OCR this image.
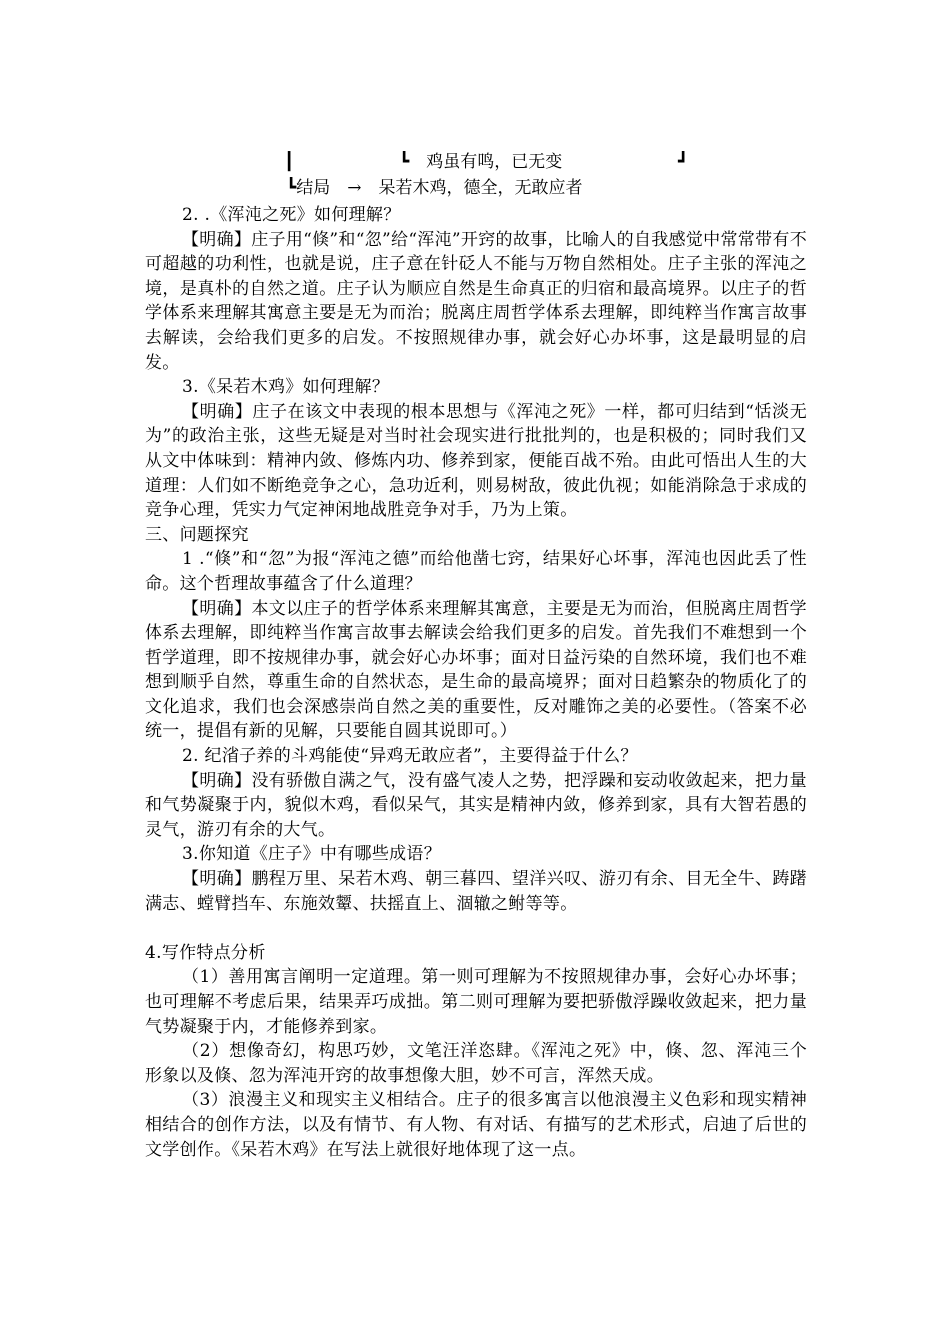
┃	┗　鸡虽有鸣，已无变	┛
┗结局　→　呆若木鸡，德全，无敢应者

2. .《浑沌之死》如何理解？

【明确】庄子用“倏”和“忽”给“浑沌”开窍的故事，比喻人的自我感觉中常常带有不可超越的功利性，也就是说，庄子意在针砭人不能与万物自然相处。庄子主张的浑沌之境，是真朴的自然之道。庄子认为顺应自然是生命真正的归宿和最高境界。以庄子的哲学体系来理解其寓意主要是无为而治；脱离庄周哲学体系去理解，即纯粹当作寓言故事去解读，会给我们更多的启发。不按照规律办事，就会好心办坏事，这是最明显的启发。

3.《呆若木鸡》如何理解？

【明确】庄子在该文中表现的根本思想与《浑沌之死》一样，都可归结到“恬淡无为”的政治主张，这些无疑是对当时社会现实进行批批判的，也是积极的；同时我们又从文中体味到：精神内敛、修炼内功、修养到家，便能百战不殆。由此可悟出人生的大道理：人们如不断绝竞争之心，急功近利，则易树敌，彼此仇视；如能消除急于求成的竞争心理，凭实力气定神闲地战胜竞争对手，乃为上策。

三、问题探究

1 .“倏”和“忽”为报“浑沌之德”而给他凿七窍，结果好心坏事，浑沌也因此丢了性命。这个哲理故事蕴含了什么道理？

【明确】本文以庄子的哲学体系来理解其寓意，主要是无为而治，但脱离庄周哲学体系去理解，即纯粹当作寓言故事去解读会给我们更多的启发。首先我们不难想到一个哲学道理，即不按规律办事，就会好心办坏事；面对日益污染的自然环境，我们也不难想到顺乎自然，尊重生命的自然状态，是生命的最高境界；面对日趋繁杂的物质化了的文化追求，我们也会深感崇尚自然之美的重要性，反对雕饰之美的必要性。（答案不必统一，提倡有新的见解，只要能自圆其说即可。）

2. 纪渻子养的斗鸡能使“异鸡无敢应者”，主要得益于什么？

【明确】没有骄傲自满之气，没有盛气凌人之势，把浮躁和妄动收敛起来，把力量和气势凝聚于内，貌似木鸡，看似呆气，其实是精神内敛，修养到家，具有大智若愚的灵气，游刃有余的大气。

3.你知道《庄子》中有哪些成语？

【明确】鹏程万里、呆若木鸡、朝三暮四、望洋兴叹、游刃有余、目无全牛、踌躇满志、螳臂挡车、东施效颦、扶摇直上、涸辙之鲋等等。

4.写作特点分析

（1）善用寓言阐明一定道理。第一则可理解为不按照规律办事，会好心办坏事；也可理解不考虑后果，结果弄巧成拙。第二则可理解为要把骄傲浮躁收敛起来，把力量气势凝聚于内，才能修养到家。

（2）想像奇幻，构思巧妙，文笔汪洋恣肆。《浑沌之死》中，倏、忽、浑沌三个形象以及倏、忽为浑沌开窍的故事想像大胆，妙不可言，浑然天成。

（3）浪漫主义和现实主义相结合。庄子的很多寓言以他浪漫主义色彩和现实精神相结合的创作方法，以及有情节、有人物、有对话、有描写的艺术形式，启迪了后世的文学创作。《呆若木鸡》在写法上就很好地体现了这一点。
